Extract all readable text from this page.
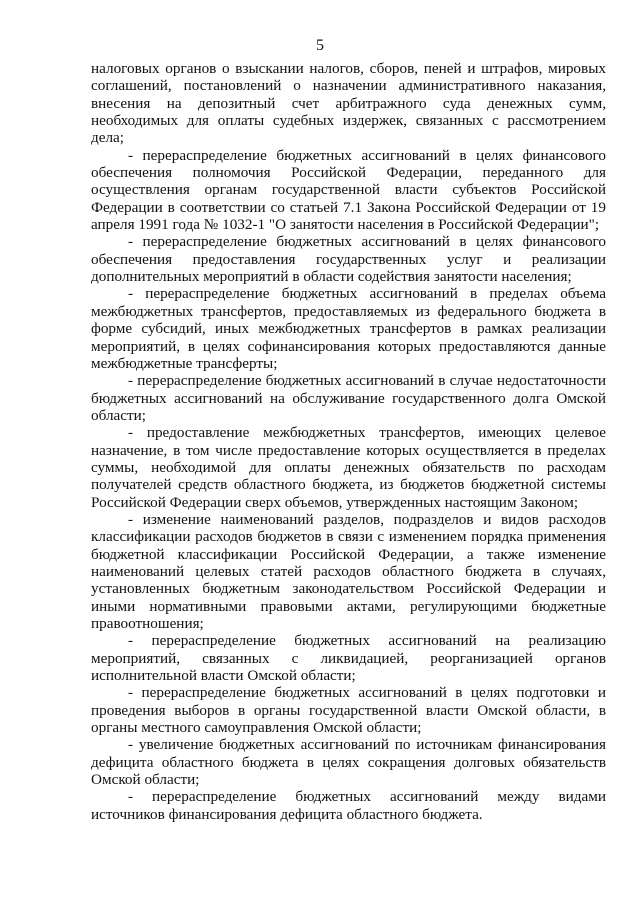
5

налоговых органов о взыскании налогов, сборов, пеней и штрафов, мировых соглашений, постановлений о назначении административного наказания, внесения на депозитный счет арбитражного суда денежных сумм, необходимых для оплаты судебных издержек, связанных с рассмотрением дела;

- перераспределение бюджетных ассигнований в целях финансового обеспечения полномочия Российской Федерации, переданного для осуществления органам государственной власти субъектов Российской Федерации в соответствии со статьей 7.1 Закона Российской Федерации от 19 апреля 1991 года № 1032-1 "О занятости населения в Российской Федерации";

- перераспределение бюджетных ассигнований в целях финансового обеспечения предоставления государственных услуг и реализации дополнительных мероприятий в области содействия занятости населения;

- перераспределение бюджетных ассигнований в пределах объема межбюджетных трансфертов, предоставляемых из федерального бюджета в форме субсидий, иных межбюджетных трансфертов в рамках реализации мероприятий, в целях софинансирования которых предоставляются данные межбюджетные трансферты;

- перераспределение бюджетных ассигнований в случае недостаточности бюджетных ассигнований на обслуживание государственного долга Омской области;

- предоставление межбюджетных трансфертов, имеющих целевое назначение, в том числе предоставление которых осуществляется в пределах суммы, необходимой для оплаты денежных обязательств по расходам получателей средств областного бюджета, из бюджетов бюджетной системы Российской Федерации сверх объемов, утвержденных настоящим Законом;

- изменение наименований разделов, подразделов и видов расходов классификации расходов бюджетов в связи с изменением порядка применения бюджетной классификации Российской Федерации, а также изменение наименований целевых статей расходов областного бюджета в случаях, установленных бюджетным законодательством Российской Федерации и иными нормативными правовыми актами, регулирующими бюджетные правоотношения;

- перераспределение бюджетных ассигнований на реализацию мероприятий, связанных с ликвидацией, реорганизацией органов исполнительной власти Омской области;

- перераспределение бюджетных ассигнований в целях подготовки и проведения выборов в органы государственной власти Омской области, в органы местного самоуправления Омской области;

- увеличение бюджетных ассигнований по источникам финансирования дефицита областного бюджета в целях сокращения долговых обязательств Омской области;

- перераспределение бюджетных ассигнований между видами источников финансирования дефицита областного бюджета.
